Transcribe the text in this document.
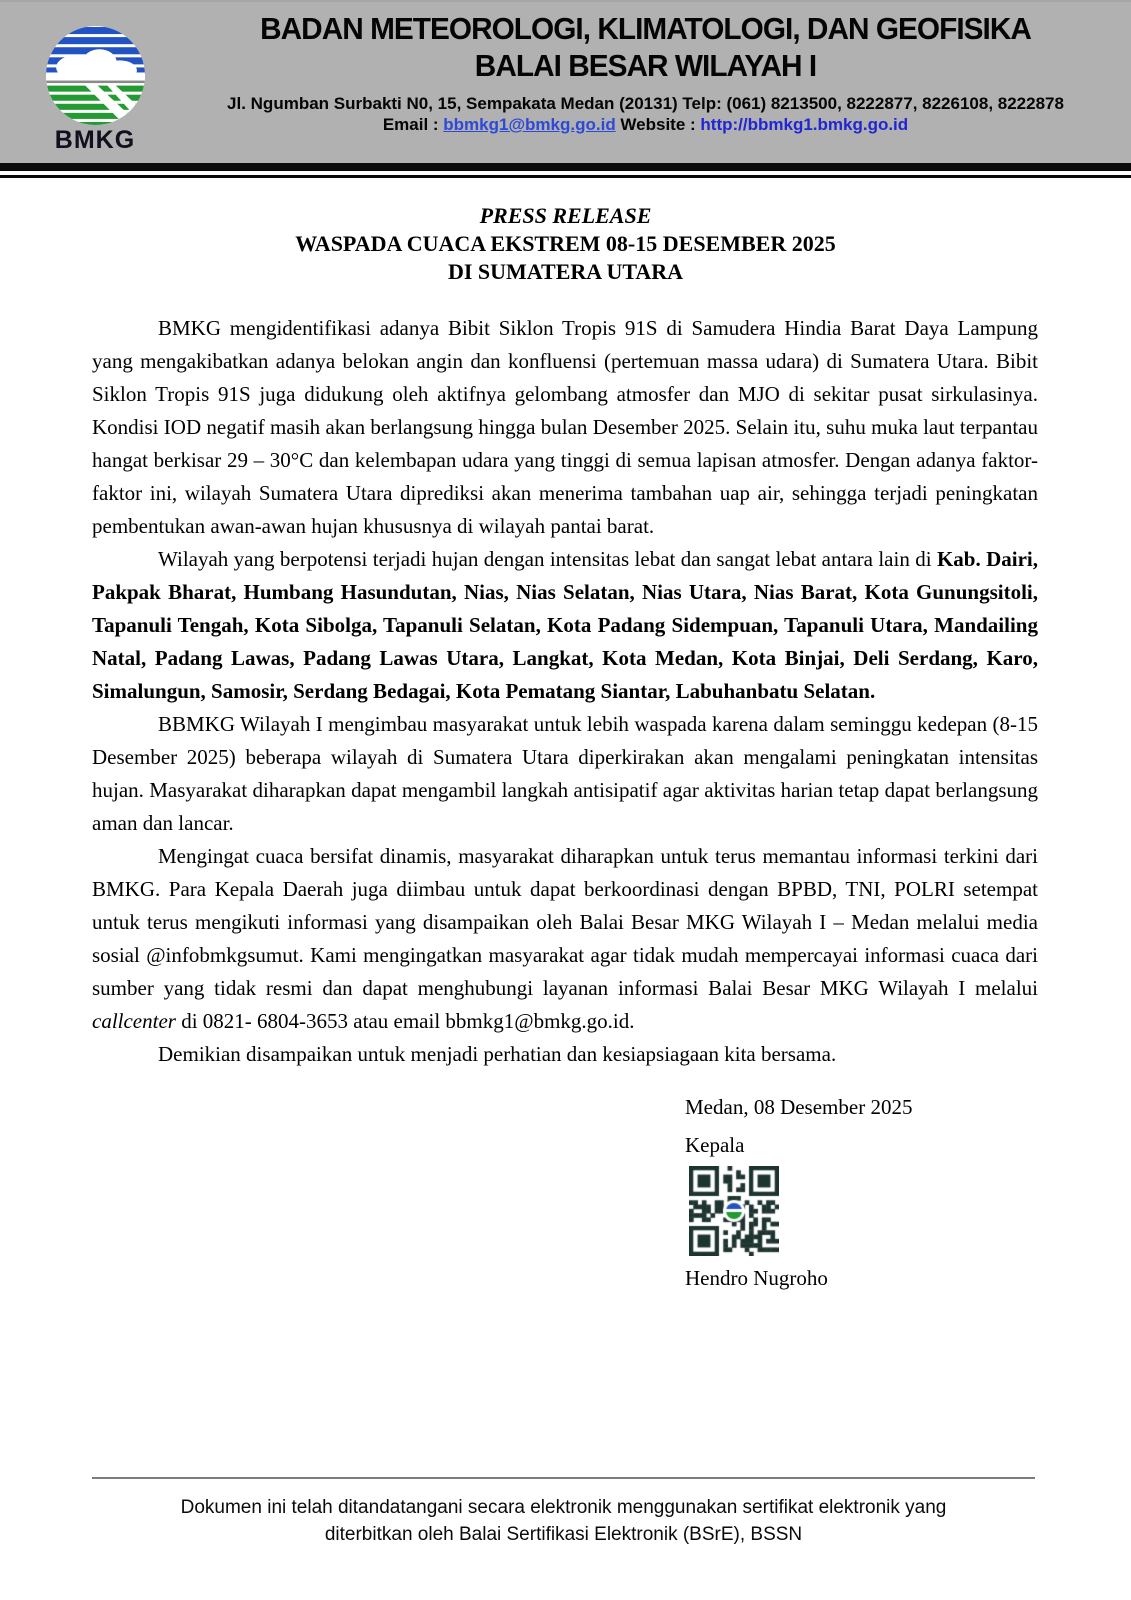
BMKG
BADAN METEOROLOGI, KLIMATOLOGI, DAN GEOFISIKA
BALAI BESAR WILAYAH I
Jl. Ngumban Surbakti N0, 15, Sempakata Medan (20131) Telp: (061) 8213500, 8222877, 8226108, 8222878
Email : bbmkg1@bmkg.go.id Website : http://bbmkg1.bmkg.go.id
PRESS RELEASE
WASPADA CUACA EKSTREM 08-15 DESEMBER 2025
DI SUMATERA UTARA

BMKG mengidentifikasi adanya Bibit Siklon Tropis 91S di Samudera Hindia Barat Daya Lampung yang mengakibatkan adanya belokan angin dan konfluensi (pertemuan massa udara) di Sumatera Utara. Bibit Siklon Tropis 91S juga didukung oleh aktifnya gelombang atmosfer dan MJO di sekitar pusat sirkulasinya. Kondisi IOD negatif masih akan berlangsung hingga bulan Desember 2025. Selain itu, suhu muka laut terpantau hangat berkisar 29 – 30°C dan kelembapan udara yang tinggi di semua lapisan atmosfer. Dengan adanya faktor-faktor ini, wilayah Sumatera Utara diprediksi akan menerima tambahan uap air, sehingga terjadi peningkatan pembentukan awan-awan hujan khususnya di wilayah pantai barat.

Wilayah yang berpotensi terjadi hujan dengan intensitas lebat dan sangat lebat antara lain di Kab. Dairi, Pakpak Bharat, Humbang Hasundutan, Nias, Nias Selatan, Nias Utara, Nias Barat, Kota Gunungsitoli, Tapanuli Tengah, Kota Sibolga, Tapanuli Selatan, Kota Padang Sidempuan, Tapanuli Utara, Mandailing Natal, Padang Lawas, Padang Lawas Utara, Langkat, Kota Medan, Kota Binjai, Deli Serdang, Karo, Simalungun, Samosir, Serdang Bedagai, Kota Pematang Siantar, Labuhanbatu Selatan.

BBMKG Wilayah I mengimbau masyarakat untuk lebih waspada karena dalam seminggu kedepan (8-15 Desember 2025) beberapa wilayah di Sumatera Utara diperkirakan akan mengalami peningkatan intensitas hujan. Masyarakat diharapkan dapat mengambil langkah antisipatif agar aktivitas harian tetap dapat berlangsung aman dan lancar.

Mengingat cuaca bersifat dinamis, masyarakat diharapkan untuk terus memantau informasi terkini dari BMKG. Para Kepala Daerah juga diimbau untuk dapat berkoordinasi dengan BPBD, TNI, POLRI setempat untuk terus mengikuti informasi yang disampaikan oleh Balai Besar MKG Wilayah I – Medan melalui media sosial @infobmkgsumut. Kami mengingatkan masyarakat agar tidak mudah mempercayai informasi cuaca dari sumber yang tidak resmi dan dapat menghubungi layanan informasi Balai Besar MKG Wilayah I melalui callcenter di 0821- 6804-3653 atau email bbmkg1@bmkg.go.id.

Demikian disampaikan untuk menjadi perhatian dan kesiapsiagaan kita bersama.

Medan, 08 Desember 2025
Kepala
Hendro Nugroho
Dokumen ini telah ditandatangani secara elektronik menggunakan sertifikat elektronik yang
diterbitkan oleh Balai Sertifikasi Elektronik (BSrE), BSSN
